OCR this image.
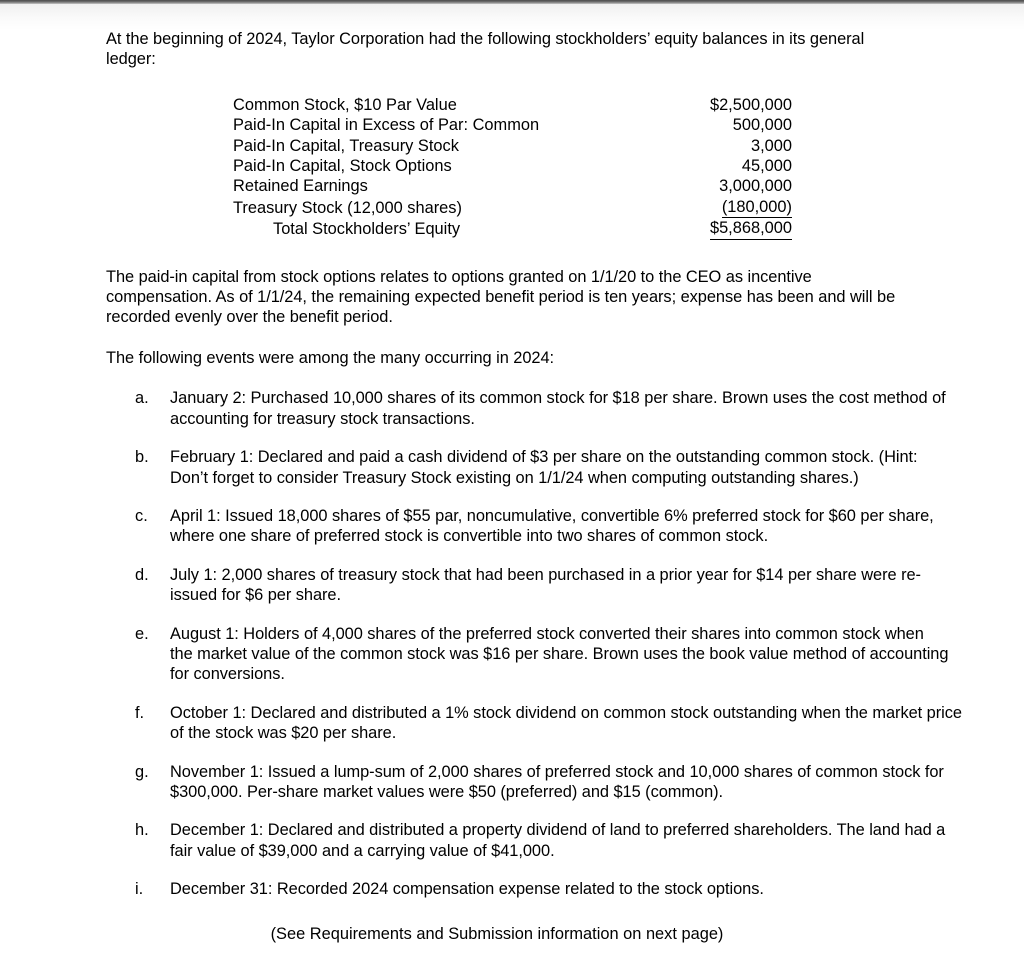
At the beginning of 2024, Taylor Corporation had the following stockholders’ equity balances in its general ledger:

Common Stock, $10 Par Value	$2,500,000
Paid-In Capital in Excess of Par: Common	500,000
Paid-In Capital, Treasury Stock	3,000
Paid-In Capital, Stock Options	45,000
Retained Earnings	3,000,000
Treasury Stock (12,000 shares)	(180,000)
Total Stockholders’ Equity	$5,868,000

The paid-in capital from stock options relates to options granted on 1/1/20 to the CEO as incentive compensation. As of 1/1/24, the remaining expected benefit period is ten years; expense has been and will be recorded evenly over the benefit period.

The following events were among the many occurring in 2024:

a. January 2: Purchased 10,000 shares of its common stock for $18 per share. Brown uses the cost method of accounting for treasury stock transactions.
b. February 1: Declared and paid a cash dividend of $3 per share on the outstanding common stock. (Hint: Don’t forget to consider Treasury Stock existing on 1/1/24 when computing outstanding shares.)
c. April 1: Issued 18,000 shares of $55 par, noncumulative, convertible 6% preferred stock for $60 per share, where one share of preferred stock is convertible into two shares of common stock.
d. July 1: 2,000 shares of treasury stock that had been purchased in a prior year for $14 per share were re-issued for $6 per share.
e. August 1: Holders of 4,000 shares of the preferred stock converted their shares into common stock when the market value of the common stock was $16 per share. Brown uses the book value method of accounting for conversions.
f. October 1: Declared and distributed a 1% stock dividend on common stock outstanding when the market price of the stock was $20 per share.
g. November 1: Issued a lump-sum of 2,000 shares of preferred stock and 10,000 shares of common stock for $300,000. Per-share market values were $50 (preferred) and $15 (common).
h. December 1: Declared and distributed a property dividend of land to preferred shareholders. The land had a fair value of $39,000 and a carrying value of $41,000.
i. December 31: Recorded 2024 compensation expense related to the stock options.
(See Requirements and Submission information on next page)
